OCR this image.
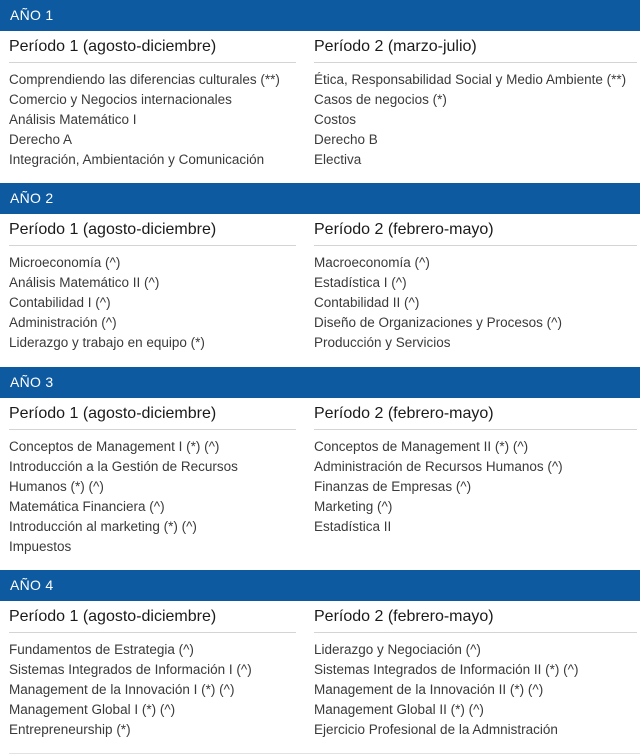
AÑO 1
Período 1 (agosto-diciembre)
Comprendiendo las diferencias culturales (**)
Comercio y Negocios internacionales
Análisis Matemático I
Derecho A
Integración, Ambientación y Comunicación
Período 2 (marzo-julio)
Ética, Responsabilidad Social y Medio Ambiente (**)
Casos de negocios (*)
Costos
Derecho B
Electiva
AÑO 2
Período 1 (agosto-diciembre)
Microeconomía (^)
Análisis Matemático II (^)
Contabilidad I (^)
Administración (^)
Liderazgo y trabajo en equipo (*)
Período 2 (febrero-mayo)
Macroeconomía (^)
Estadística I (^)
Contabilidad II (^)
Diseño de Organizaciones y Procesos (^)
Producción y Servicios
AÑO 3
Período 1 (agosto-diciembre)
Conceptos de Management I (*) (^)
Introducción a la Gestión de Recursos Humanos (*) (^)
Matemática Financiera (^)
Introducción al marketing (*) (^)
Impuestos
Período 2 (febrero-mayo)
Conceptos de Management II (*) (^)
Administración de Recursos Humanos (^)
Finanzas de Empresas (^)
Marketing (^)
Estadística II
AÑO 4
Período 1 (agosto-diciembre)
Fundamentos de Estrategia (^)
Sistemas Integrados de Información I (^)
Management de la Innovación I (*) (^)
Management Global I (*) (^)
Entrepreneurship (*)
Período 2 (febrero-mayo)
Liderazgo y Negociación (^)
Sistemas Integrados de Información II (*) (^)
Management de la Innovación II (*) (^)
Management Global II (*) (^)
Ejercicio Profesional de la Admnistración
